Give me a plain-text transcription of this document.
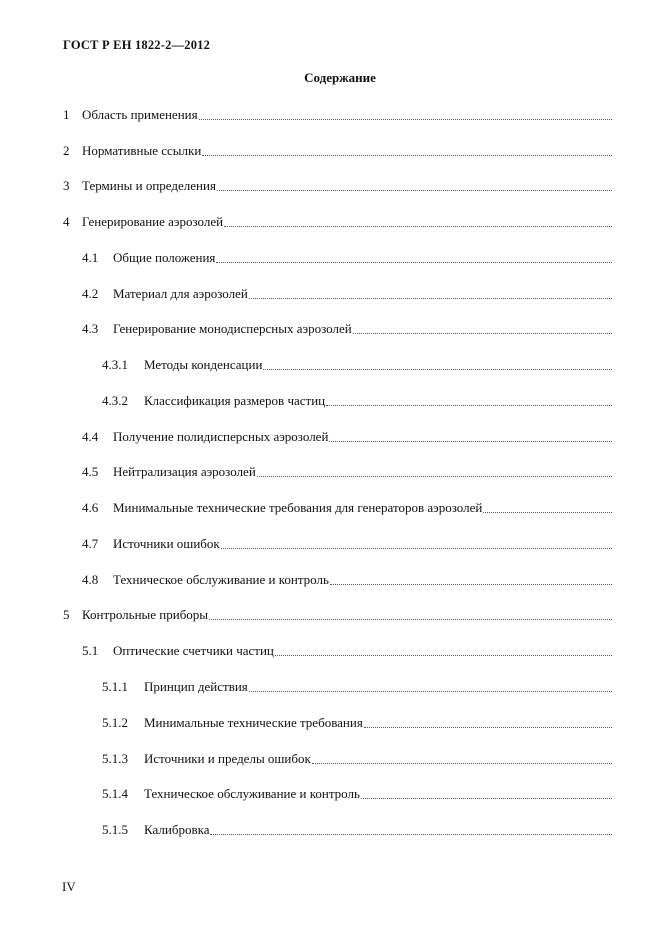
ГОСТ Р ЕН 1822-2—2012
Содержание
1 Область применения
2 Нормативные ссылки
3 Термины и определения
4 Генерирование аэрозолей
4.1	Общие положения
4.2	Материал для аэрозолей
4.3	Генерирование монодисперсных аэрозолей
4.3.1	Методы конденсации
4.3.2	Классификация размеров частиц
4.4	Получение полидисперсных аэрозолей
4.5	Нейтрализация аэрозолей
4.6	Минимальные технические требования для генераторов аэрозолей
4.7	Источники ошибок
4.8	Техническое обслуживание и контроль
5 Контрольные приборы
5.1	Оптические счетчики частиц
5.1.1	Принцип действия
5.1.2	Минимальные технические требования
5.1.3	Источники и пределы ошибок
5.1.4	Техническое обслуживание и контроль
5.1.5	Калибровка
IV
